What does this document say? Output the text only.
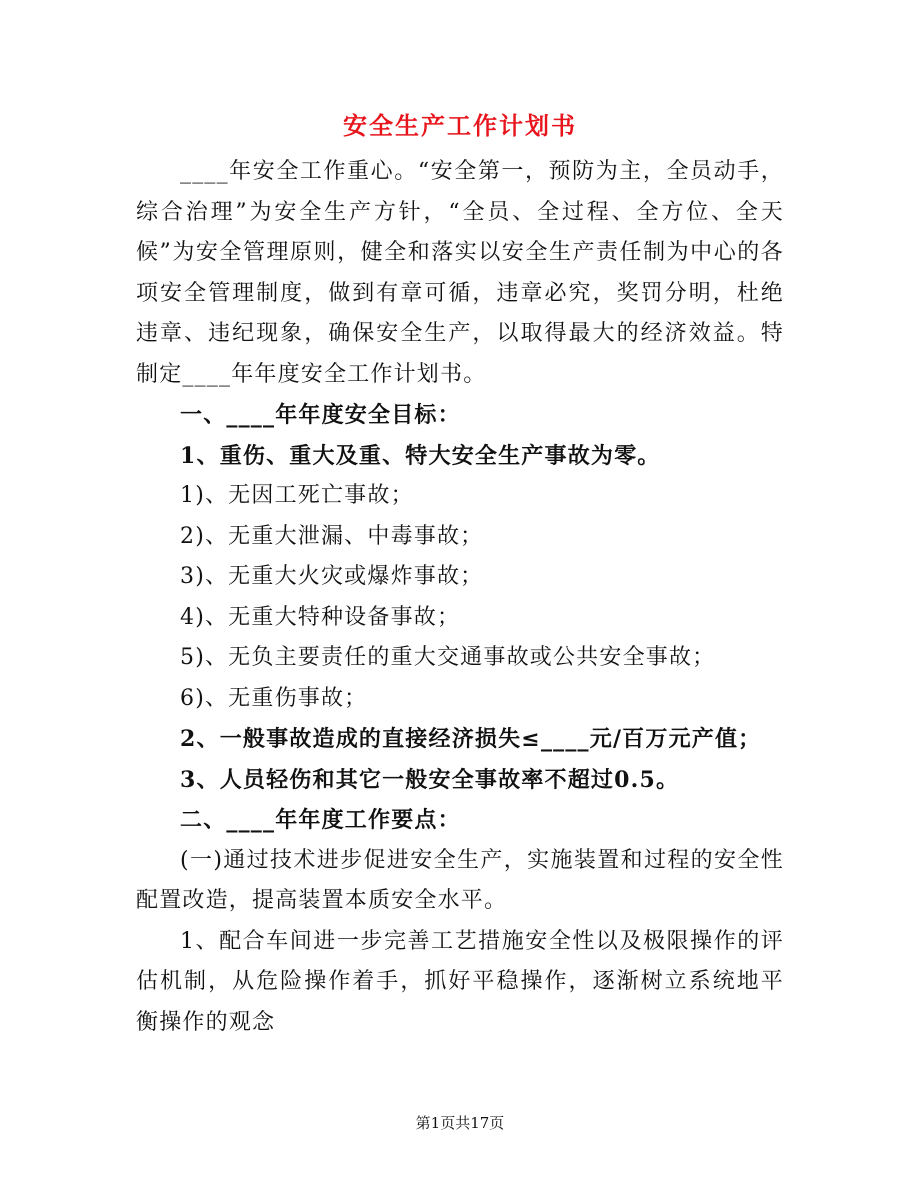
安全生产工作计划书

____年安全工作重心。“安全第一，预防为主，全员动手，综合治理”为安全生产方针，“全员、全过程、全方位、全天候”为安全管理原则，健全和落实以安全生产责任制为中心的各项安全管理制度，做到有章可循，违章必究，奖罚分明，杜绝违章、违纪现象，确保安全生产，以取得最大的经济效益。特制定____年年度安全工作计划书。

一、____年年度安全目标：

1、重伤、重大及重、特大安全生产事故为零。

1)、无因工死亡事故；

2)、无重大泄漏、中毒事故；

3)、无重大火灾或爆炸事故；

4)、无重大特种设备事故；

5)、无负主要责任的重大交通事故或公共安全事故；

6)、无重伤事故；

2、一般事故造成的直接经济损失≤____元/百万元产值；

3、人员轻伤和其它一般安全事故率不超过0.5。

二、____年年度工作要点：

(一)通过技术进步促进安全生产，实施装置和过程的安全性配置改造，提高装置本质安全水平。

1、配合车间进一步完善工艺措施安全性以及极限操作的评估机制，从危险操作着手，抓好平稳操作，逐渐树立系统地平衡操作的观念

第1页共17页
